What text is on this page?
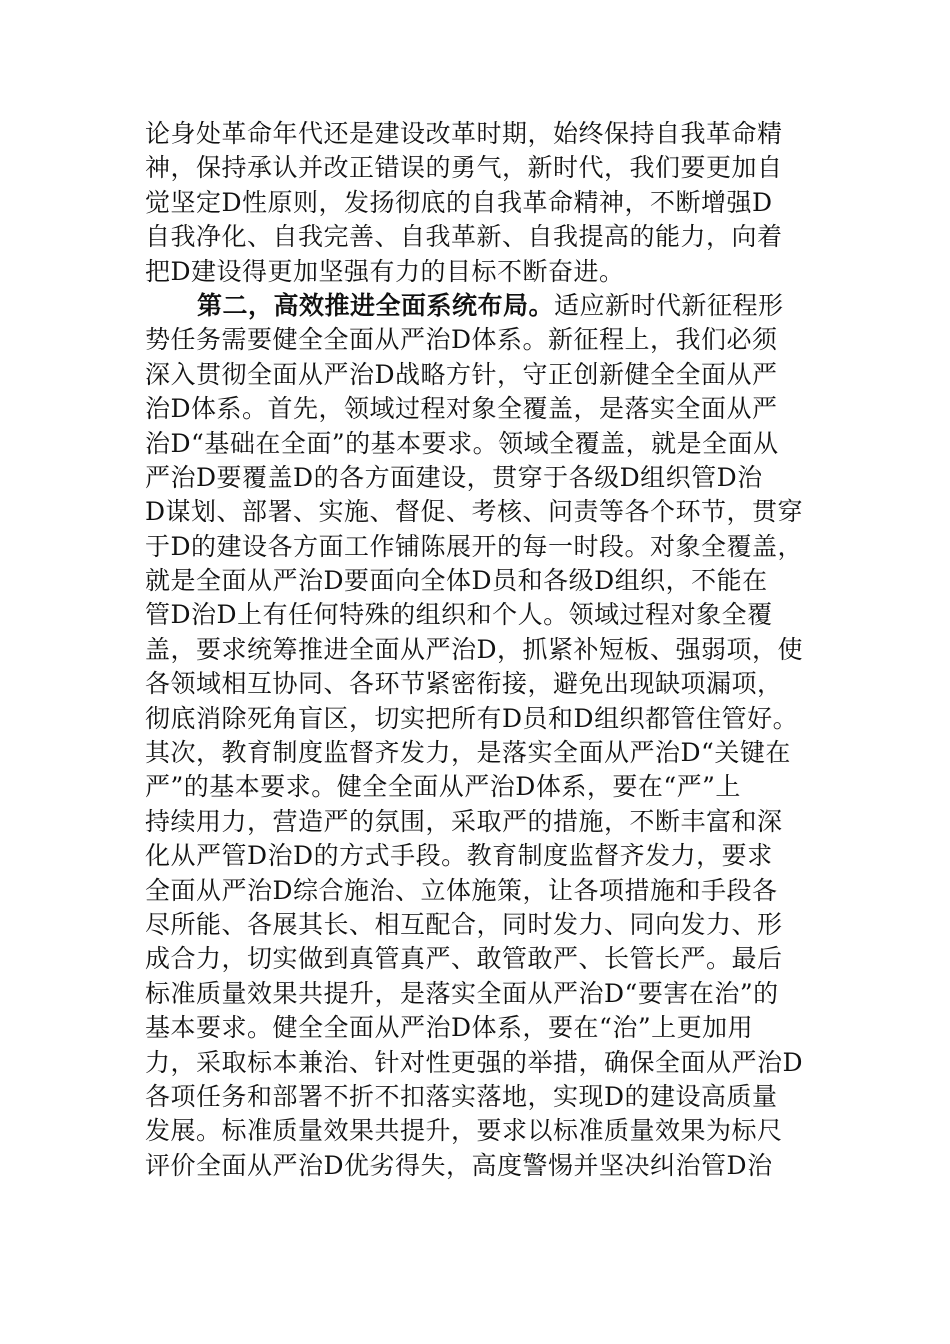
论身处革命年代还是建设改革时期，始终保持自我革命精
神，保持承认并改正错误的勇气，新时代，我们要更加自
觉坚定D性原则，发扬彻底的自我革命精神，不断增强D
自我净化、自我完善、自我革新、自我提高的能力，向着
把D建设得更加坚强有力的目标不断奋进。
第二，高效推进全面系统布局。适应新时代新征程形
势任务需要健全全面从严治D体系。新征程上，我们必须
深入贯彻全面从严治D战略方针，守正创新健全全面从严
治D体系。首先，领域过程对象全覆盖，是落实全面从严
治D“基础在全面”的基本要求。领域全覆盖，就是全面从
严治D要覆盖D的各方面建设，贯穿于各级D组织管D治
D谋划、部署、实施、督促、考核、问责等各个环节，贯穿
于D的建设各方面工作铺陈展开的每一时段。对象全覆盖，
就是全面从严治D要面向全体D员和各级D组织，不能在
管D治D上有任何特殊的组织和个人。领域过程对象全覆
盖，要求统筹推进全面从严治D，抓紧补短板、强弱项，使
各领域相互协同、各环节紧密衔接，避免出现缺项漏项，
彻底消除死角盲区，切实把所有D员和D组织都管住管好。
其次，教育制度监督齐发力，是落实全面从严治D“关键在
严”的基本要求。健全全面从严治D体系，要在“严”上
持续用力，营造严的氛围，采取严的措施，不断丰富和深
化从严管D治D的方式手段。教育制度监督齐发力，要求
全面从严治D综合施治、立体施策，让各项措施和手段各
尽所能、各展其长、相互配合，同时发力、同向发力、形
成合力，切实做到真管真严、敢管敢严、长管长严。最后
标准质量效果共提升，是落实全面从严治D“要害在治”的
基本要求。健全全面从严治D体系，要在“治”上更加用
力，采取标本兼治、针对性更强的举措，确保全面从严治D
各项任务和部署不折不扣落实落地，实现D的建设高质量
发展。标准质量效果共提升，要求以标准质量效果为标尺
评价全面从严治D优劣得失，高度警惕并坚决纠治管D治
